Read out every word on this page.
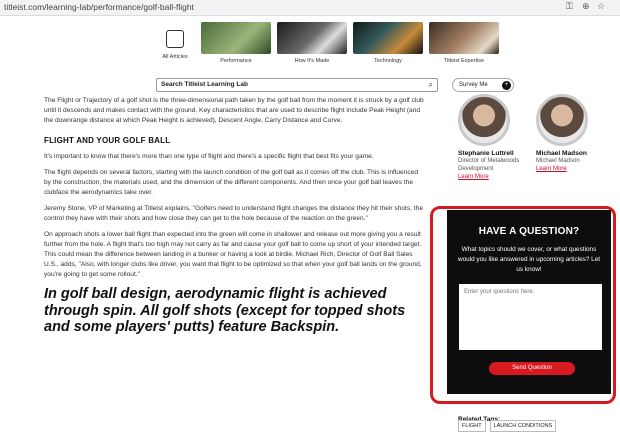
titleist.com/learning-lab/performance/golf-ball-flight	⚿ ⊕ ☆
All Articles
Performance	How It's Made	Technology	Titleist Expertise
Search Titleist Learning Lab	⌕	Survey Me	+

The Flight or Trajectory of a golf shot is the three-dimensional path taken by the golf ball from the moment it is struck by a golf club until it descends and makes contact with the ground. Key characteristics that are used to describe flight include Peak Height (and the downrange distance at which Peak Height is achieved), Descent Angle, Carry Distance and Curve.

FLIGHT AND YOUR GOLF BALL

It's important to know that there's more than one type of flight and there's a specific flight that best fits your game.

The flight depends on several factors, starting with the launch condition of the golf ball as it comes off the club. This is influenced by the construction, the materials used, and the dimension of the different components. And then once your golf ball leaves the clubface the aerodynamics take over.

Jeremy Stone, VP of Marketing at Titleist explains, "Golfers need to understand flight changes the distance they hit their shots, the control they have with their shots and how close they can get to the hole because of the reaction on the green."

On approach shots a lower ball flight than expected into the green will come in shallower and release out more giving you a result further from the hole. A flight that's too high may not carry as far and cause your golf ball to come up short of your intended target. This could mean the difference between landing in a bunker or having a look at birdie. Michael Rich, Director of Golf Ball Sales U.S., adds, "Also, with longer clubs like driver, you want that flight to be optimized so that when your golf ball lands on the ground, you're going to get some rollout."

In golf ball design, aerodynamic flight is achieved through spin. All golf shots (except for topped shots and some players' putts) feature Backspin.
Stephanie Luttrell
Director of Metalwoods Development
Learn More
Michael Madson
Michael Madson
Learn More
HAVE A QUESTION?
What topics should we cover, or what questions would you like answered in upcoming articles? Let us know!
Enter your questions here.
Send Question
FLIGHT	LAUNCH CONDITIONS
